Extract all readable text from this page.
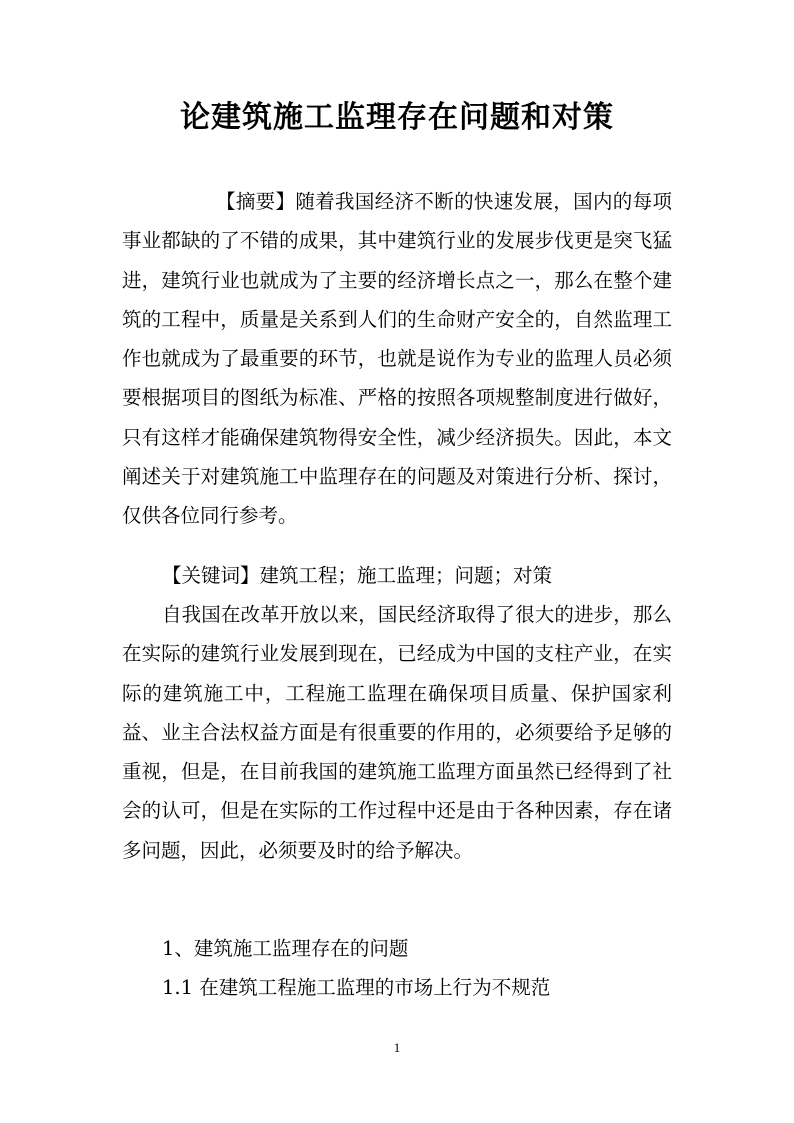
论建筑施工监理存在问题和对策
【摘要】随着我国经济不断的快速发展，国内的每项事业都缺的了不错的成果，其中建筑行业的发展步伐更是突飞猛进，建筑行业也就成为了主要的经济增长点之一，那么在整个建筑的工程中，质量是关系到人们的生命财产安全的，自然监理工作也就成为了最重要的环节，也就是说作为专业的监理人员必须要根据项目的图纸为标准、严格的按照各项规整制度进行做好，只有这样才能确保建筑物得安全性，减少经济损失。因此，本文阐述关于对建筑施工中监理存在的问题及对策进行分析、探讨，仅供各位同行参考。
【关键词】建筑工程；施工监理；问题；对策
自我国在改革开放以来，国民经济取得了很大的进步，那么在实际的建筑行业发展到现在，已经成为中国的支柱产业，在实际的建筑施工中，工程施工监理在确保项目质量、保护国家利益、业主合法权益方面是有很重要的作用的，必须要给予足够的重视，但是，在目前我国的建筑施工监理方面虽然已经得到了社会的认可，但是在实际的工作过程中还是由于各种因素，存在诸多问题，因此，必须要及时的给予解决。
1、建筑施工监理存在的问题
1.1 在建筑工程施工监理的市场上行为不规范
1
